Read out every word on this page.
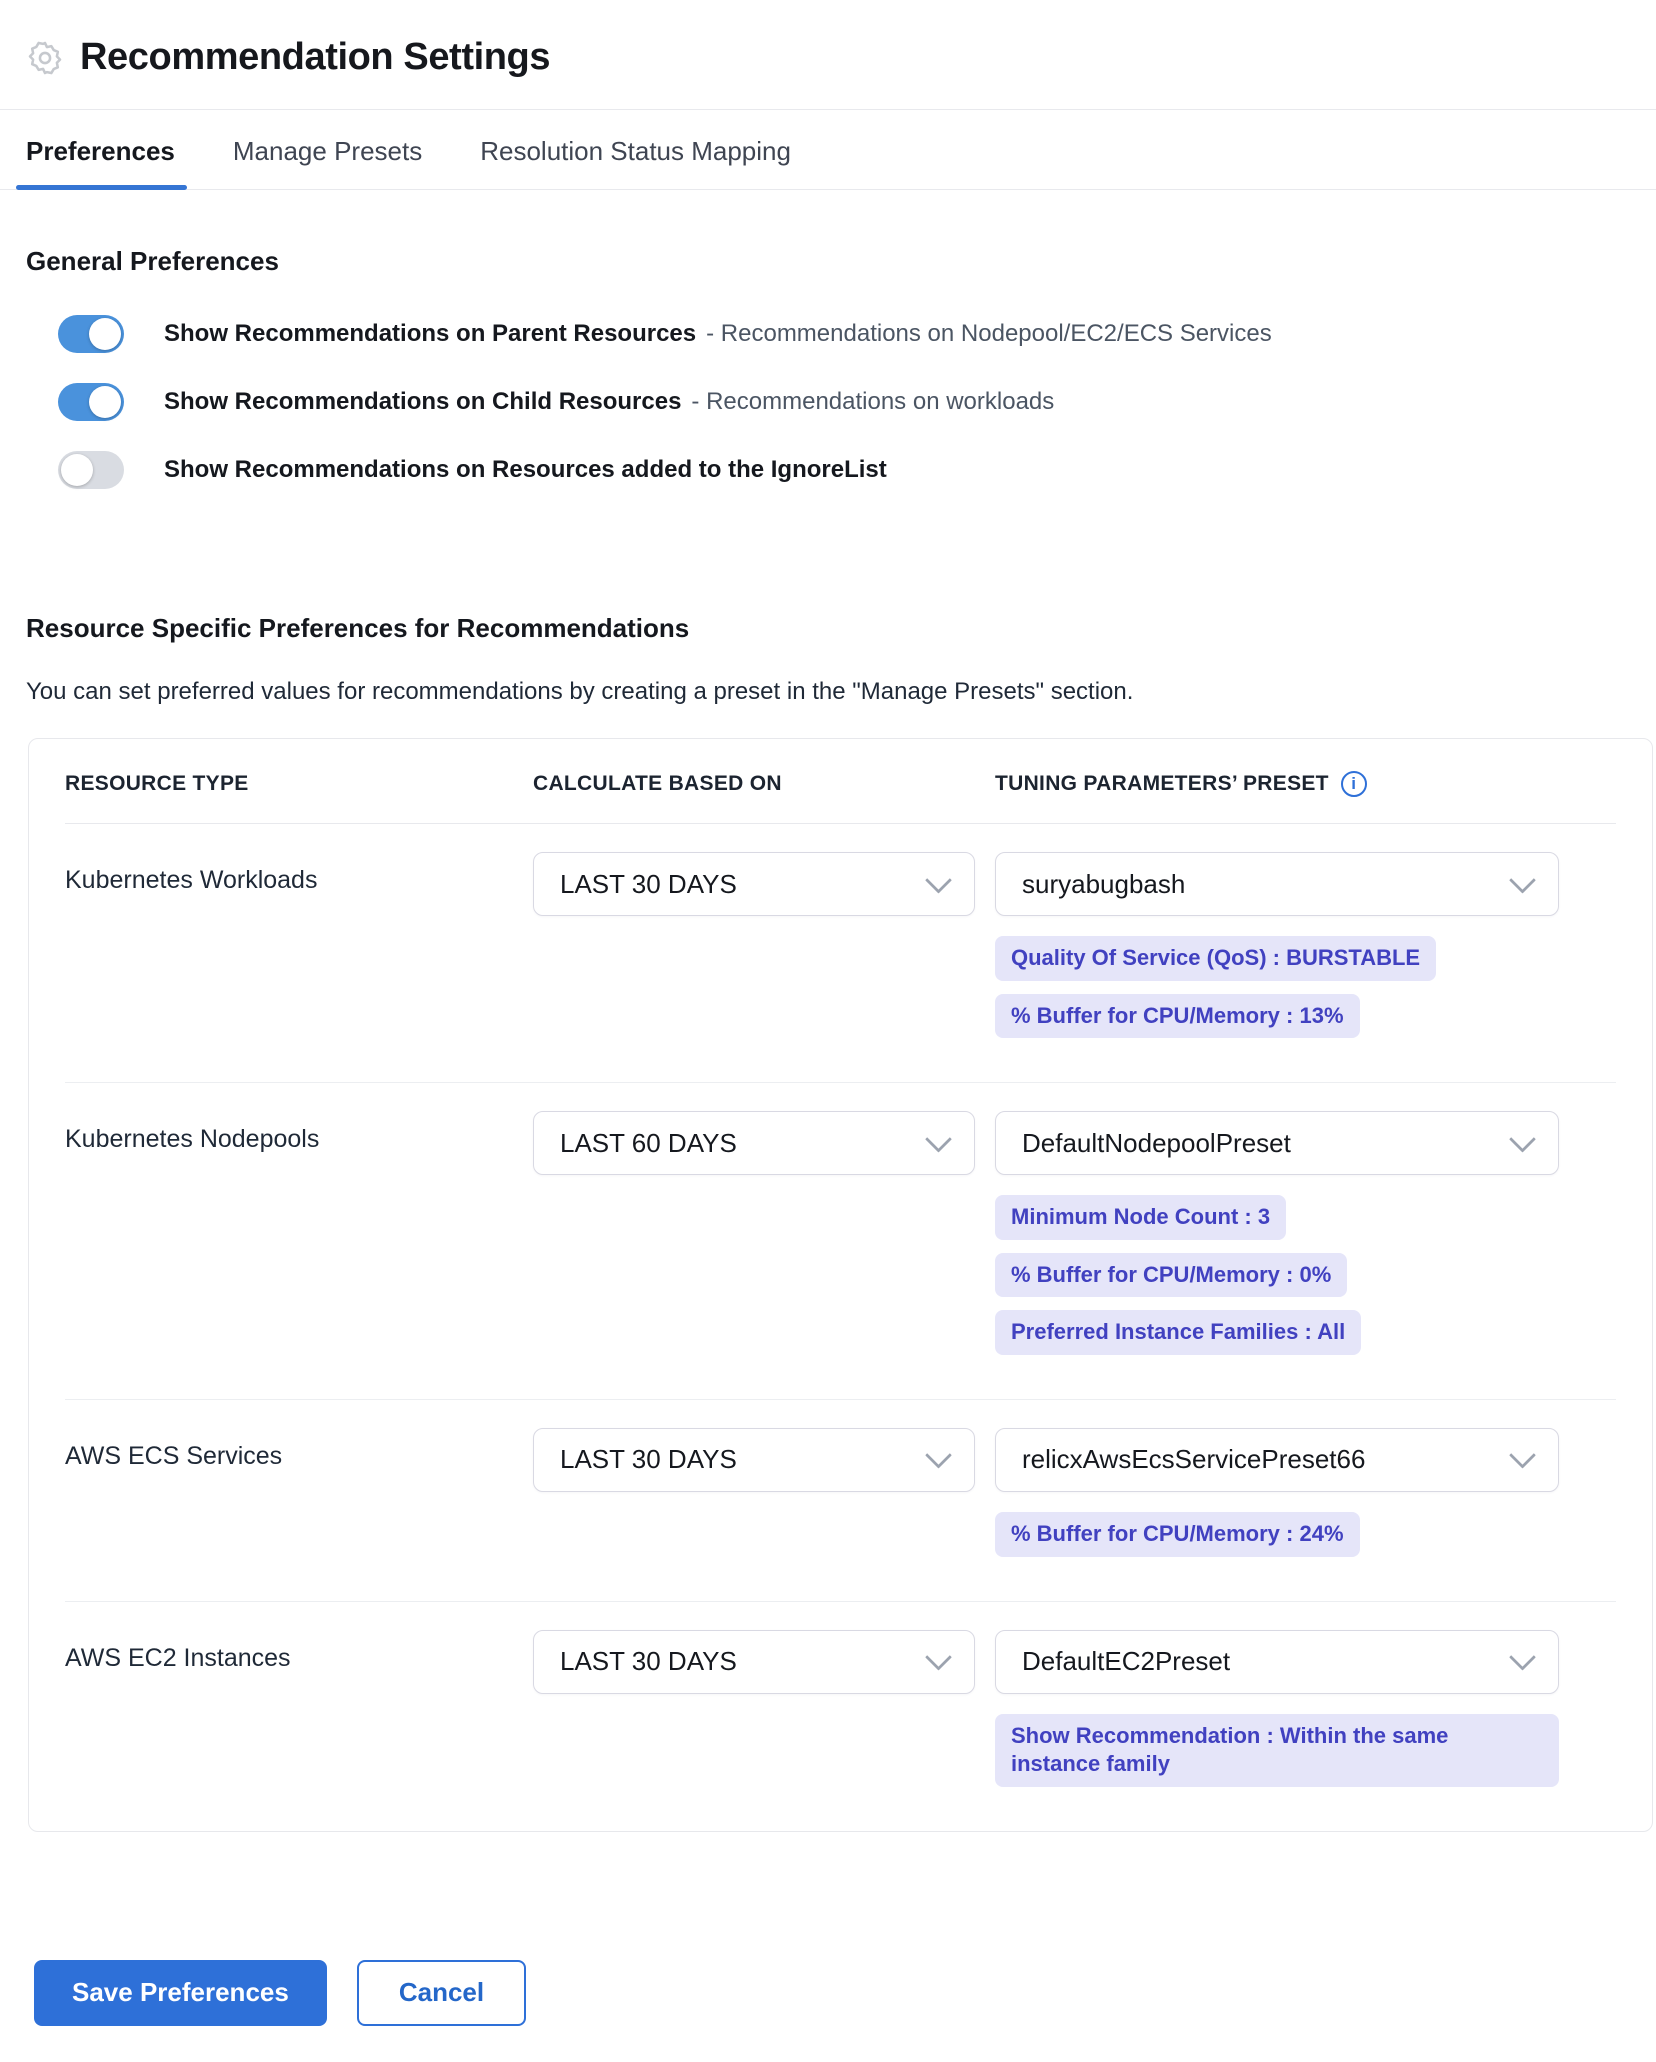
Recommendation Settings
Preferences Manage Presets Resolution Status Mapping
General Preferences
Show Recommendations on Parent Resources - Recommendations on Nodepool/EC2/ECS Services
Show Recommendations on Child Resources - Recommendations on workloads
Show Recommendations on Resources added to the IgnoreList
Resource Specific Preferences for Recommendations
You can set preferred values for recommendations by creating a preset in the "Manage Presets" section.
RESOURCE TYPE	CALCULATE BASED ON	TUNING PARAMETERS’ PRESET	i
Kubernetes Workloads	LAST 30 DAYS	suryabugbash
Quality Of Service (QoS) : BURSTABLE
% Buffer for CPU/Memory : 13%
Kubernetes Nodepools	LAST 60 DAYS	DefaultNodepoolPreset
Minimum Node Count : 3
% Buffer for CPU/Memory : 0%
Preferred Instance Families : All
AWS ECS Services	LAST 30 DAYS	relicxAwsEcsServicePreset66
% Buffer for CPU/Memory : 24%
AWS EC2 Instances	LAST 30 DAYS	DefaultEC2Preset
Show Recommendation : Within the same instance family
Save Preferences	Cancel
